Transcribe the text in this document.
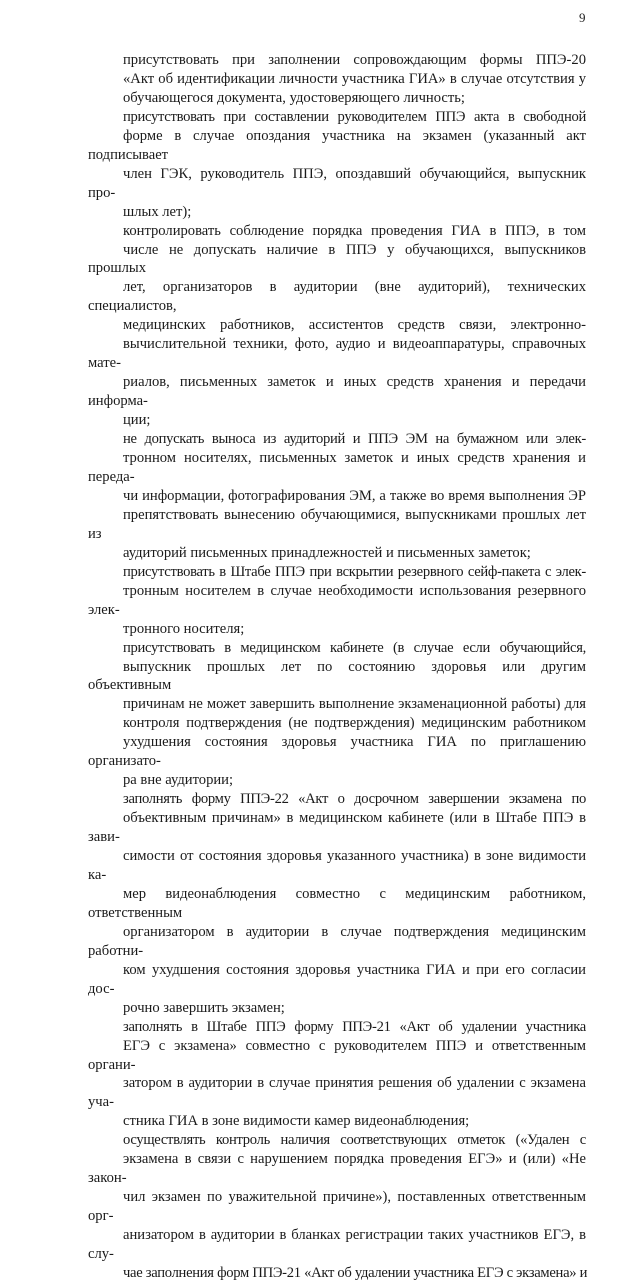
9
присутствовать при заполнении сопровождающим формы ППЭ-20
«Акт об идентификации личности участника ГИА» в случае отсутствия у
обучающегося документа, удостоверяющего личность;
присутствовать при составлении руководителем ППЭ акта в свободной
форме в случае опоздания участника на экзамен (указанный акт подписывает
член ГЭК, руководитель ППЭ, опоздавший обучающийся, выпускник про-
шлых лет);
контролировать соблюдение порядка проведения ГИА в ППЭ, в том
числе не допускать наличие в ППЭ у обучающихся, выпускников прошлых
лет, организаторов в аудитории (вне аудиторий), технических специалистов,
медицинских работников, ассистентов средств связи, электронно-
вычислительной техники, фото, аудио и видеоаппаратуры, справочных мате-
риалов, письменных заметок и иных средств хранения и передачи информа-
ции;
не допускать выноса из аудиторий и ППЭ ЭМ на бумажном или элек-
тронном носителях, письменных заметок и иных средств хранения и переда-
чи информации, фотографирования ЭМ, а также во время выполнения ЭР
препятствовать вынесению обучающимися, выпускниками прошлых лет из
аудиторий письменных принадлежностей и письменных заметок;
присутствовать в Штабе ППЭ при вскрытии резервного сейф-пакета с элек-
тронным носителем в случае необходимости использования резервного элек-
тронного носителя;
присутствовать в медицинском кабинете (в случае если обучающийся,
выпускник прошлых лет по состоянию здоровья или другим объективным
причинам не может завершить выполнение экзаменационной работы) для
контроля подтверждения (не подтверждения) медицинским работником
ухудшения состояния здоровья участника ГИА по приглашению организато-
ра вне аудитории;
заполнять форму ППЭ-22 «Акт о досрочном завершении экзамена по
объективным причинам» в медицинском кабинете (или в Штабе ППЭ в зави-
симости от состояния здоровья указанного участника) в зоне видимости ка-
мер видеонаблюдения совместно с медицинским работником, ответственным
организатором в аудитории в случае подтверждения медицинским работни-
ком ухудшения состояния здоровья участника ГИА и при его согласии дос-
рочно завершить экзамен;
заполнять в Штабе ППЭ форму ППЭ-21 «Акт об удалении участника
ЕГЭ с экзамена» совместно с руководителем ППЭ и ответственным органи-
затором в аудитории в случае принятия решения об удалении с экзамена уча-
стника ГИА в зоне видимости камер видеонаблюдения;
осуществлять контроль наличия соответствующих отметок («Удален с
экзамена в связи с нарушением порядка проведения ЕГЭ» и (или) «Не закон-
чил экзамен по уважительной причине»), поставленных ответственным орг-
анизатором в аудитории в бланках регистрации таких участников ЕГЭ, в слу-
чае заполнения форм ППЭ-21 «Акт об удалении участника ЕГЭ с экзамена» и
